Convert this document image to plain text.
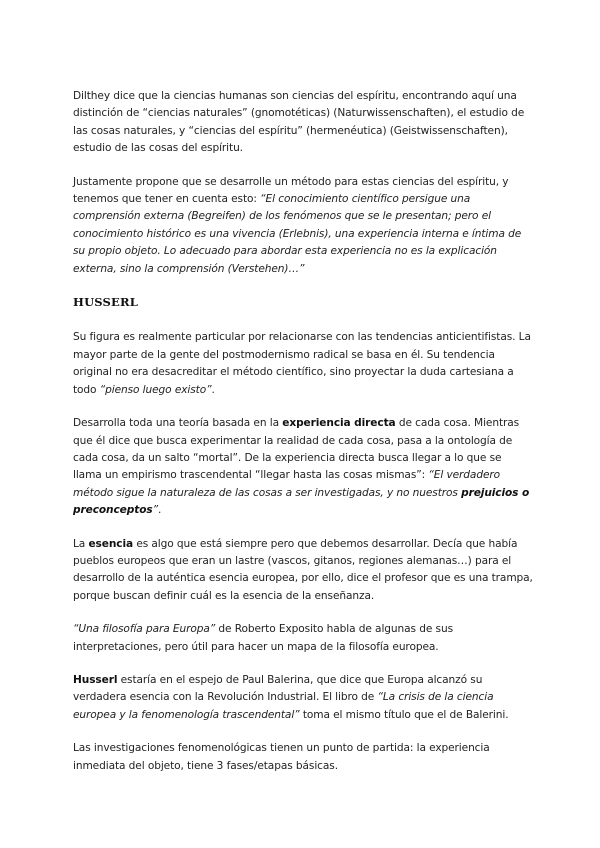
Dilthey dice que la ciencias humanas son ciencias del espíritu, encontrando aquí una distinción de “ciencias naturales” (gnomotéticas) (Naturwissenschaften), el estudio de las cosas naturales, y “ciencias del espíritu” (hermenéutica) (Geistwissenschaften), estudio de las cosas del espíritu.

Justamente propone que se desarrolle un método para estas ciencias del espíritu, y tenemos que tener en cuenta esto: “El conocimiento científico persigue una comprensión externa (Begreifen) de los fenómenos que se le presentan; pero el conocimiento histórico es una vivencia (Erlebnis), una experiencia interna e íntima de su propio objeto. Lo adecuado para abordar esta experiencia no es la explicación externa, sino la comprensión (Verstehen)…”

HUSSERL

Su figura es realmente particular por relacionarse con las tendencias anticientifistas. La mayor parte de la gente del postmodernismo radical se basa en él. Su tendencia original no era desacreditar el método científico, sino proyectar la duda cartesiana a todo “pienso luego existo”.

Desarrolla toda una teoría basada en la experiencia directa de cada cosa. Mientras que él dice que busca experimentar la realidad de cada cosa, pasa a la ontología de cada cosa, da un salto “mortal”. De la experiencia directa busca llegar a lo que se llama un empirismo trascendental “llegar hasta las cosas mismas”: “El verdadero método sigue la naturaleza de las cosas a ser investigadas, y no nuestros prejuicios o preconceptos”.

La esencia es algo que está siempre pero que debemos desarrollar. Decía que había pueblos europeos que eran un lastre (vascos, gitanos, regiones alemanas…) para el desarrollo de la auténtica esencia europea, por ello, dice el profesor que es una trampa, porque buscan definir cuál es la esencia de la enseñanza.

“Una filosofía para Europa” de Roberto Exposito habla de algunas de sus interpretaciones, pero útil para hacer un mapa de la filosofía europea.

Husserl estaría en el espejo de Paul Balerina, que dice que Europa alcanzó su verdadera esencia con la Revolución Industrial. El libro de “La crisis de la ciencia europea y la fenomenología trascendental” toma el mismo título que el de Balerini.

Las investigaciones fenomenológicas tienen un punto de partida: la experiencia inmediata del objeto, tiene 3 fases/etapas básicas.
